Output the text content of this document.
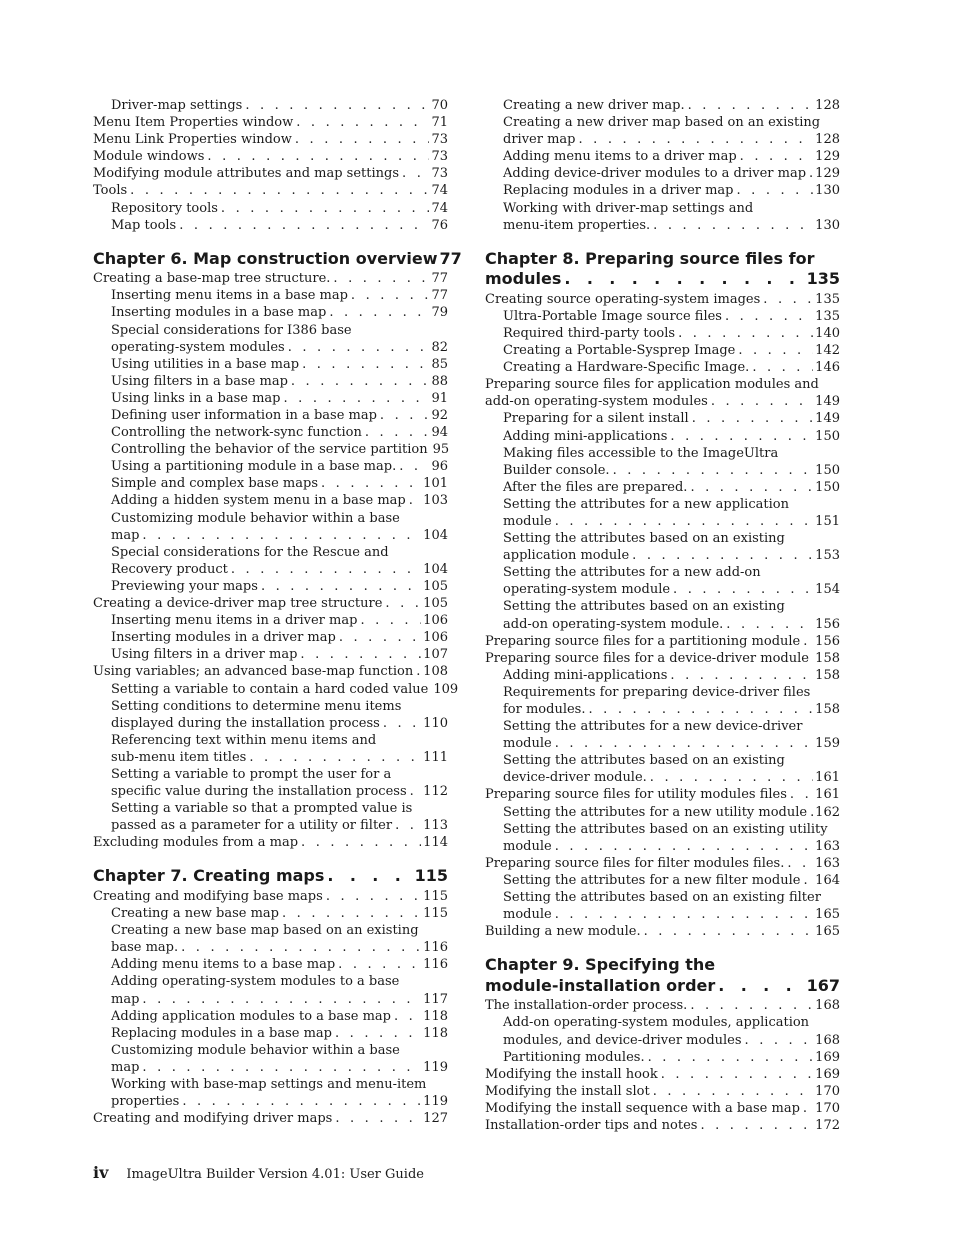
Driver-map settings . . .	70
Menu Item Properties window . . .	71
Menu Link Properties window . . .	73
Module windows . . .	73
Modifying module attributes and map settings . . . 73
Tools . . .	74
Repository tools . . .	74
Map tools . . .	76
Chapter 6. Map construction overview 77
Creating a base-map tree structure. . . .	77
Inserting menu items in a base map . . .	77
Inserting modules in a base map . . .	79
Special considerations for I386 base
operating-system modules . . .	82
Using utilities in a base map . . .	85
Using filters in a base map . . .	88
Using links in a base map . . .	91
Defining user information in a base map . . .	92
Controlling the network-sync function . . .	94
Controlling the behavior of the service partition . . . 95
Using a partitioning module in a base map. . . .	96
Simple and complex base maps . . .	101
Adding a hidden system menu in a base map . . . 103
Customizing module behavior within a base
map . . .	104
Special considerations for the Rescue and
Recovery product . . .	104
Previewing your maps . . .	105
Creating a device-driver map tree structure . . .	105
Inserting menu items in a driver map . . .	106
Inserting modules in a driver map . . .	106
Using filters in a driver map . . .	107
Using variables; an advanced base-map function . . . 108
Setting a variable to contain a hard coded value . . . 109
Setting conditions to determine menu items
displayed during the installation process . . .	110
Referencing text within menu items and
sub-menu item titles . . .	111
Setting a variable to prompt the user for a
specific value during the installation process . . . 112
Setting a variable so that a prompted value is
passed as a parameter for a utility or filter . . . 113
Excluding modules from a map . . .	114
Chapter 7. Creating maps . . .	115
Creating and modifying base maps . . .	115
Creating a new base map . . .	115
Creating a new base map based on an existing
base map. . . .	116
Adding menu items to a base map . . .	116
Adding operating-system modules to a base
map . . .	117
Adding application modules to a base map . . . 118
Replacing modules in a base map . . .	118
Customizing module behavior within a base
map . . .	119
Working with base-map settings and menu-item
properties . . .	119
Creating and modifying driver maps . . .	127
Creating a new driver map. . . .	128
Creating a new driver map based on an existing
driver map . . .	128
Adding menu items to a driver map . . .	129
Adding device-driver modules to a driver map . . . 129
Replacing modules in a driver map . . .	130
Working with driver-map settings and
menu-item properties. . . .	130
Chapter 8. Preparing source files for
modules . . .	135
Creating source operating-system images . . .	135
Ultra-Portable Image source files . . .	135
Required third-party tools . . .	140
Creating a Portable-Sysprep Image . . .	142
Creating a Hardware-Specific Image. . . .	146
Preparing source files for application modules and
add-on operating-system modules . . .	149
Preparing for a silent install . . .	149
Adding mini-applications . . .	150
Making files accessible to the ImageUltra
Builder console. . . .	150
After the files are prepared. . . .	150
Setting the attributes for a new application
module . . .	151
Setting the attributes based on an existing
application module . . .	153
Setting the attributes for a new add-on
operating-system module . . .	154
Setting the attributes based on an existing
add-on operating-system module. . . .	156
Preparing source files for a partitioning module . . . 156
Preparing source files for a device-driver module . . . 158
Adding mini-applications . . .	158
Requirements for preparing device-driver files
for modules. . . .	158
Setting the attributes for a new device-driver
module . . .	159
Setting the attributes based on an existing
device-driver module. . . .	161
Preparing source files for utility modules files . . . 161
Setting the attributes for a new utility module . . . 162
Setting the attributes based on an existing utility
module . . .	163
Preparing source files for filter modules files. . . . 163
Setting the attributes for a new filter module . . . 164
Setting the attributes based on an existing filter
module . . .	165
Building a new module. . . .	165
Chapter 9. Specifying the
module-installation order . . .	167
The installation-order process. . . .	168
Add-on operating-system modules, application
modules, and device-driver modules . . .	168
Partitioning modules. . . .	169
Modifying the install hook . . .	169
Modifying the install slot . . .	170
Modifying the install sequence with a base map . . . 170
Installation-order tips and notes . . .	172
iv ImageUltra Builder Version 4.01: User Guide
